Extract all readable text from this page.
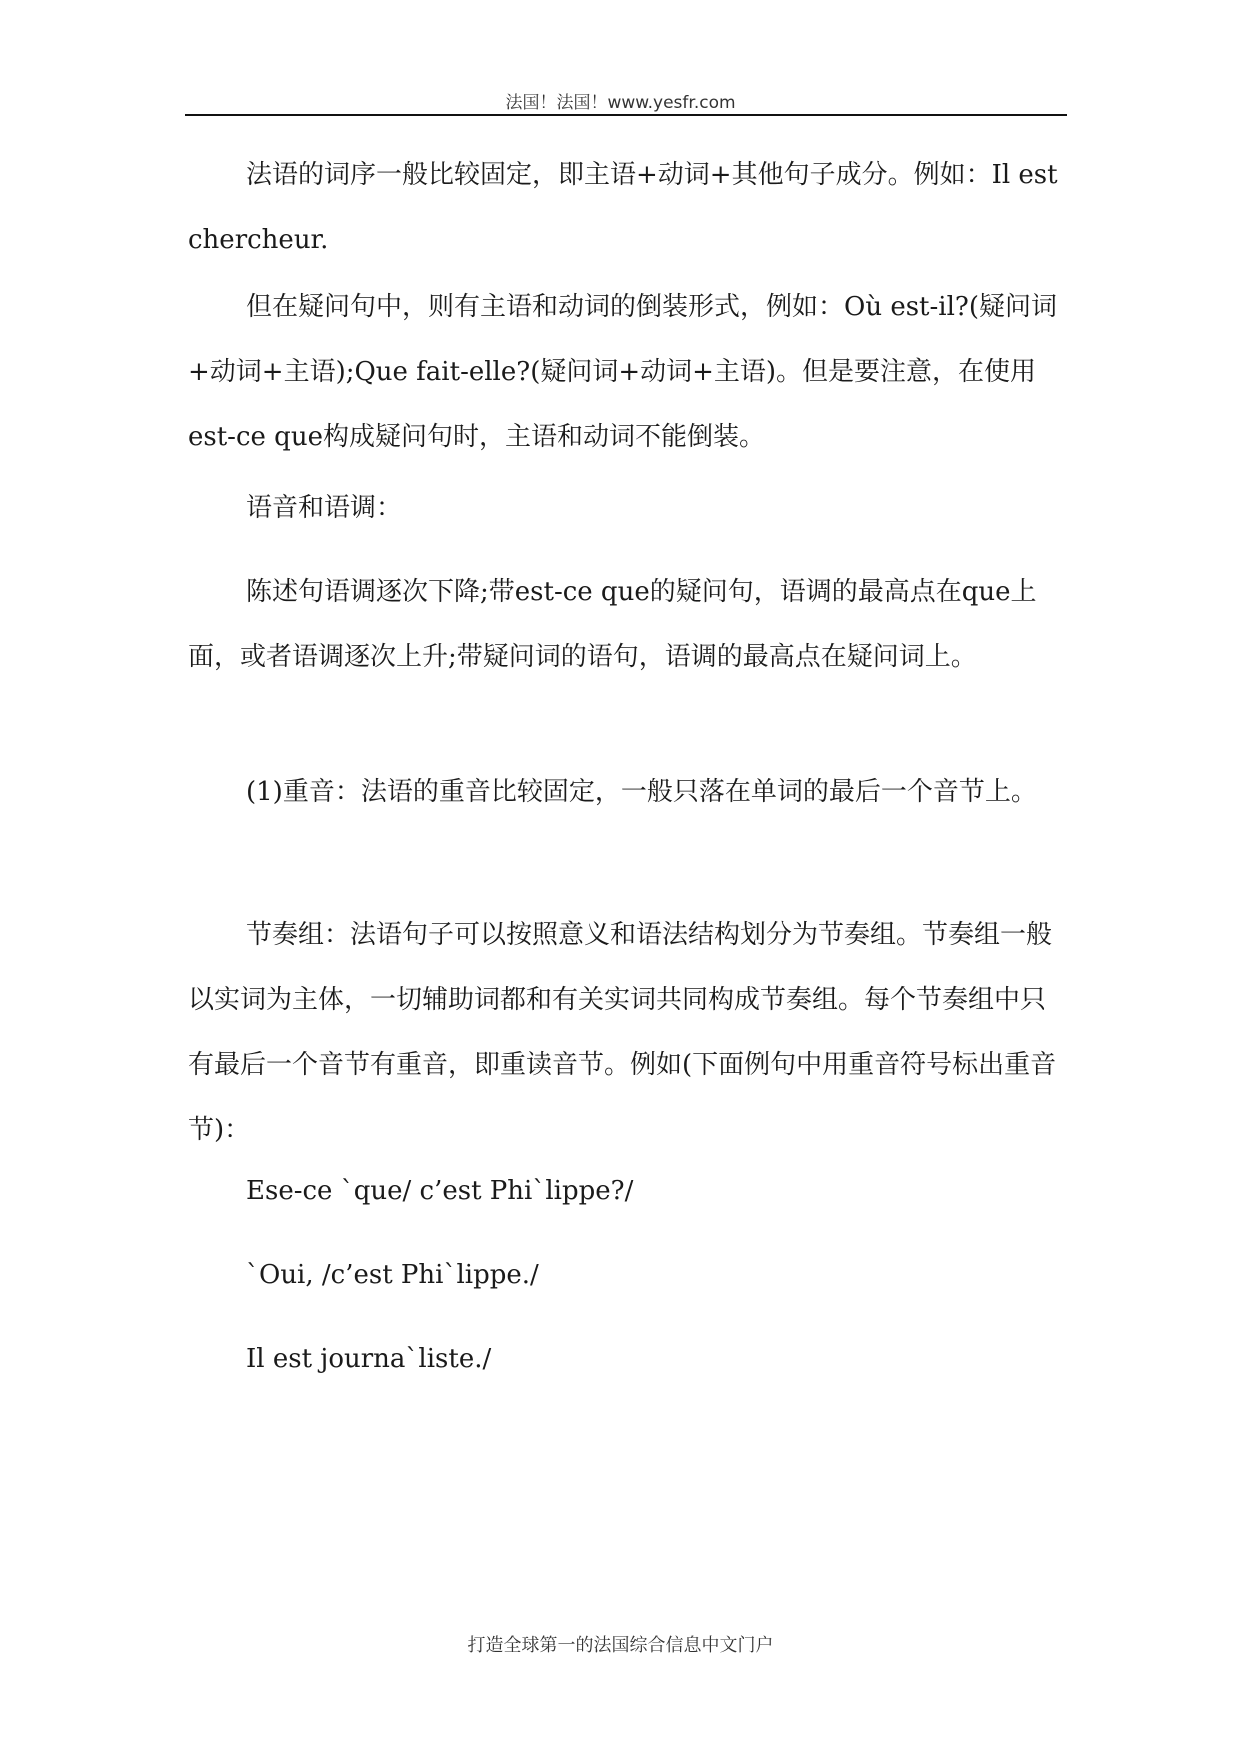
法国！法国！www.yesfr.com

法语的词序一般比较固定，即主语+动词+其他句子成分。例如：Il est chercheur.

但在疑问句中，则有主语和动词的倒装形式，例如：Où est-il?(疑问词+动词+主语);Que fait-elle?(疑问词+动词+主语)。但是要注意，在使用est-ce que构成疑问句时，主语和动词不能倒装。

语音和语调：

陈述句语调逐次下降;带est-ce que的疑问句，语调的最高点在que上面，或者语调逐次上升;带疑问词的语句，语调的最高点在疑问词上。

(1)重音：法语的重音比较固定，一般只落在单词的最后一个音节上。

节奏组：法语句子可以按照意义和语法结构划分为节奏组。节奏组一般以实词为主体，一切辅助词都和有关实词共同构成节奏组。每个节奏组中只有最后一个音节有重音，即重读音节。例如(下面例句中用重音符号标出重音节)：

Ese-ce `que/ c’est Phi`lippe?/

`Oui, /c’est Phi`lippe./

Il est journa`liste./

打造全球第一的法国综合信息中文门户
